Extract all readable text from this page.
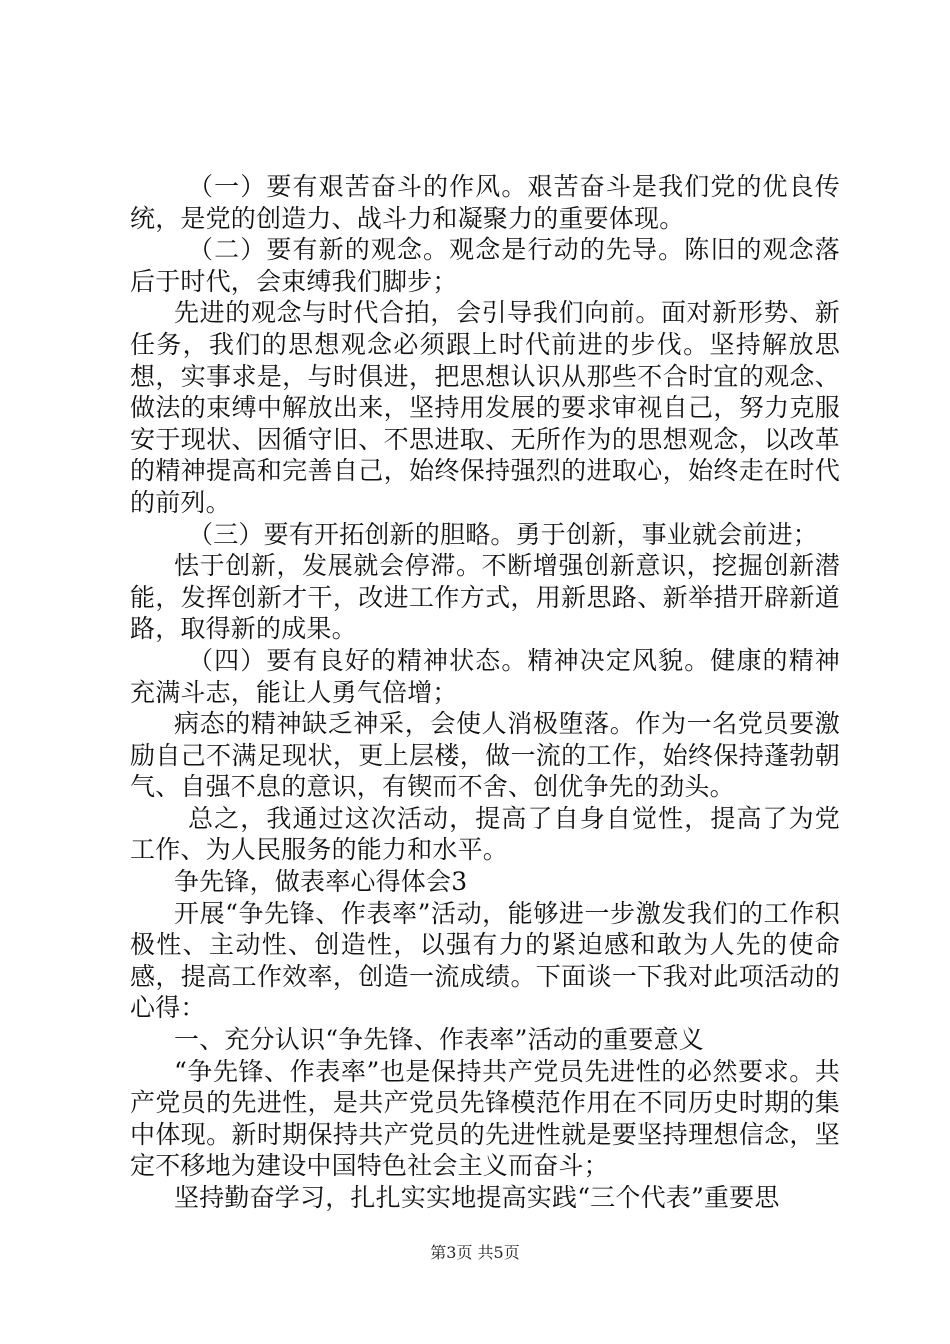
（一）要有艰苦奋斗的作风。艰苦奋斗是我们党的优良传统，是党的创造力、战斗力和凝聚力的重要体现。

（二）要有新的观念。观念是行动的先导。陈旧的观念落后于时代，会束缚我们脚步；

先进的观念与时代合拍，会引导我们向前。面对新形势、新任务，我们的思想观念必须跟上时代前进的步伐。坚持解放思想，实事求是，与时俱进，把思想认识从那些不合时宜的观念、做法的束缚中解放出来，坚持用发展的要求审视自己，努力克服安于现状、因循守旧、不思进取、无所作为的思想观念，以改革的精神提高和完善自己，始终保持强烈的进取心，始终走在时代的前列。

（三）要有开拓创新的胆略。勇于创新，事业就会前进；

怯于创新，发展就会停滞。不断增强创新意识，挖掘创新潜能，发挥创新才干，改进工作方式，用新思路、新举措开辟新道路，取得新的成果。

（四）要有良好的精神状态。精神决定风貌。健康的精神充满斗志，能让人勇气倍增；

病态的精神缺乏神采，会使人消极堕落。作为一名党员要激励自己不满足现状，更上层楼，做一流的工作，始终保持蓬勃朝气、自强不息的意识，有锲而不舍、创优争先的劲头。

总之，我通过这次活动，提高了自身自觉性，提高了为党工作、为人民服务的能力和水平。

争先锋，做表率心得体会3

开展“争先锋、作表率”活动，能够进一步激发我们的工作积极性、主动性、创造性，以强有力的紧迫感和敢为人先的使命感，提高工作效率，创造一流成绩。下面谈一下我对此项活动的心得：

一、充分认识“争先锋、作表率”活动的重要意义

“争先锋、作表率”也是保持共产党员先进性的必然要求。共产党员的先进性，是共产党员先锋模范作用在不同历史时期的集中体现。新时期保持共产党员的先进性就是要坚持理想信念，坚定不移地为建设中国特色社会主义而奋斗；

坚持勤奋学习，扎扎实实地提高实践“三个代表”重要思

第3页 共5页
